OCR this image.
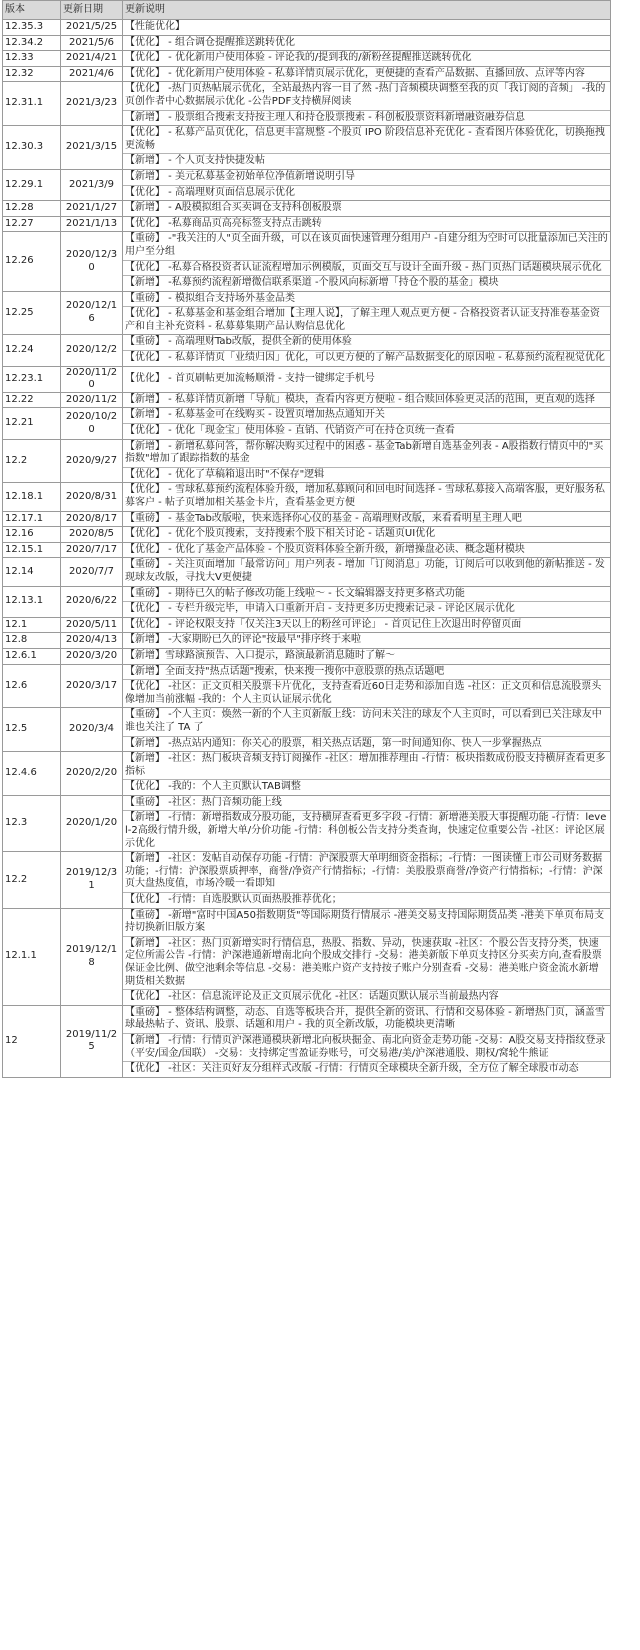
版本	更新日期	更新说明
12.35.3	2021/5/25	【性能优化】

12.34.2	2021/5/6	【优化】 - 组合调仓提醒推送跳转优化

12.33	2021/4/21	【优化】 - 优化新用户使用体验 - 评论我的/提到我的/新粉丝提醒推送跳转优化

12.32	2021/4/6	【优化】 - 优化新用户使用体验 - 私募详情页展示优化，更便捷的查看产品数据、直播回放、点评等内容

12.31.1	2021/3/23	【优化】 -热门页热帖展示优化，全站最热内容一目了然 -热门音频模块调整至我的页「我订阅的音频」 -我的页创作者中心数据展示优化 -公告PDF支持横屏阅读
【新增】 - 股票组合搜索支持按主理人和持仓股票搜索 - 科创板股票资料新增融资融券信息

12.30.3	2021/3/15	【优化】 - 私募产品页优化，信息更丰富规整 -个股页 IPO 阶段信息补充优化 - 查看图片体验优化，切换拖拽更流畅
【新增】 - 个人页支持快捷发帖

12.29.1	2021/3/9	【新增】 - 美元私募基金初始单位净值新增说明引导
【优化】 - 高端理财页面信息展示优化

12.28	2021/1/27	【新增】 - A股模拟组合买卖调仓支持科创板股票

12.27	2021/1/13	【优化】 -私募商品页高亮标签支持点击跳转

12.26	2020/12/30	【重磅】 -"我关注的人"页全面升级，可以在该页面快速管理分组用户 -自建分组为空时可以批量添加已关注的用户至分组
【优化】 -私募合格投资者认证流程增加示例模版，页面交互与设计全面升级 - 热门页热门话题模块展示优化
【新增】 -私募预约流程新增微信联系渠道 -个股风向标新增「持仓个股的基金」模块

12.25	2020/12/16	【重磅】 - 模拟组合支持场外基金品类
【优化】 - 私募基金和基金组合增加【主理人说】，了解主理人观点更方便 - 合格投资者认证支持准卷基金资产和自主补充资料 - 私募募集期产品认购信息优化

12.24	2020/12/2	【重磅】 - 高端理财Tab改版，提供全新的使用体验
【优化】 - 私募详情页「业绩归因」优化，可以更方便的了解产品数据变化的原因啦 - 私募预约流程视觉优化

12.23.1	2020/11/20	【优化】 - 首页刷帖更加流畅顺滑 - 支持一键绑定手机号

12.22	2020/11/2	【新增】 - 私募详情页新增「导航」模块，查看内容更方便啦 - 组合赎回体验更灵活的范围，更直观的选择

12.21	2020/10/20	【新增】 - 私募基金可在线购买 - 设置页增加热点通知开关
【优化】 - 优化「现金宝」使用体验 - 直销、代销资产可在持仓页统一查看

12.2	2020/9/27	【新增】 - 新增私募问答，帮你解决购买过程中的困惑 - 基金Tab新增自选基金列表 - A股指数行情页中的"买指数"增加了跟踪指数的基金
【优化】 - 优化了草稿箱退出时"不保存"逻辑

12.18.1	2020/8/31	【优化】 - 雪球私募预约流程体验升级，增加私募顾问和回电时间选择 - 雪球私募接入高端客服，更好服务私募客户 - 帖子页增加相关基金卡片，查看基金更方便

12.17.1	2020/8/17	【重磅】 - 基金Tab改版啦，快来选择你心仪的基金 - 高端理财改版，来看看明星主理人吧

12.16	2020/8/5	【优化】 - 优化个股页搜索，支持搜索个股下相关讨论 - 话题页UI优化

12.15.1	2020/7/17	【优化】 - 优化了基金产品体验 - 个股页资料体验全新升级，新增操盘必读、概念题材模块

12.14	2020/7/7	【重磅】 - 关注页面增加「最常访问」用户列表 - 增加「订阅消息」功能，订阅后可以收到他的新帖推送 - 发现球友改版，寻找大V更便捷

12.13.1	2020/6/22	【重磅】 - 期待已久的帖子修改功能上线啦～ - 长文编辑器支持更多格式功能
【优化】 - 专栏升级完毕，申请入口重新开启 - 支持更多历史搜索记录 - 评论区展示优化

12.1	2020/5/11	【优化】 - 评论权限支持「仅关注3天以上的粉丝可评论」 - 首页记住上次退出时停留页面

12.8	2020/4/13	【新增】 -大家期盼已久的评论"按最早"排序终于来啦

12.6.1	2020/3/20	【新增】雪球路演预告、入口提示，路演最新消息随时了解～

12.6	2020/3/17	【新增】全面支持"热点话题"搜索，快来搜一搜你中意股票的热点话题吧
【优化】 -社区：正文页相关股票卡片优化，支持查看近60日走势和添加自选 -社区：正文页和信息流股票头像增加当前涨幅 -我的：个人主页认证展示优化

12.5	2020/3/4	【重磅】 -个人主页：焕然一新的个人主页新版上线：访问未关注的球友个人主页时，可以看到已关注球友中谁也关注了 TA 了
【新增】 -热点站内通知：你关心的股票，相关热点话题，第一时间通知你、快人一步掌握热点

12.4.6	2020/2/20	【新增】 -社区：热门板块音频支持订阅操作 -社区：增加推荐理由 -行情：板块指数成份股支持横屏查看更多指标
【优化】 -我的：个人主页默认TAB调整

12.3	2020/1/20	【重磅】 -社区：热门音频功能上线
【新增】 -行情：新增指数成分股功能，支持横屏查看更多字段 -行情：新增港美股大事提醒功能 -行情：level-2高级行情升级，新增大单/分价功能 -行情：科创板公告支持分类查询，快速定位重要公告 -社区：评论区展示优化

12.2	2019/12/31	【新增】 -社区：发帖自动保存功能 -行情：沪深股票大单明细资金指标；-行情：一图读懂上市公司财务数据功能；-行情：沪深股票质押率，商誉/净资产行情指标；-行情：美股股票商誉/净资产行情指标；-行情：沪深页大盘热度值，市场冷暖一看即知
【优化】 -行情：自选股默认页面热股推荐优化；

12.1.1	2019/12/18	【重磅】 -新增"富时中国A50指数期货"等国际期货行情展示 -港美交易支持国际期货品类 -港美下单页布局支持切换新旧版方案
【新增】 -社区：热门页新增实时行情信息，热股、指数、异动，快速获取 -社区：个股公告支持分类，快速定位所需公告 -行情：沪深港通新增南北向个股成交排行 -交易：港美新版下单页支持区分买卖方向,查看股票保证金比例、做空池剩余等信息 -交易：港美账户资产支持按子账户分别查看 -交易：港美账户资金流水新增期货相关数据
【优化】 -社区：信息流评论及正文页展示优化 -社区：话题页默认展示当前最热内容

12	2019/11/25	【重磅】 - 整体结构调整，动态、自选等板块合并，提供全新的资讯、行情和交易体验 - 新增热门页，涵盖雪球最热帖子、资讯、股票、话题和用户 - 我的页全新改版，功能模块更清晰
【新增】 -行情：行情页沪深港通模块新增北向板块掘金、南北向资金走势功能 -交易：A股交易支持指纹登录（平安/国金/国联） -交易：支持绑定雪盈证券账号，可交易港/美/沪深港通股、期权/窝轮牛熊证
【优化】 -社区：关注页好友分组样式改版 -行情：行情页全球模块全新升级，全方位了解全球股市动态
